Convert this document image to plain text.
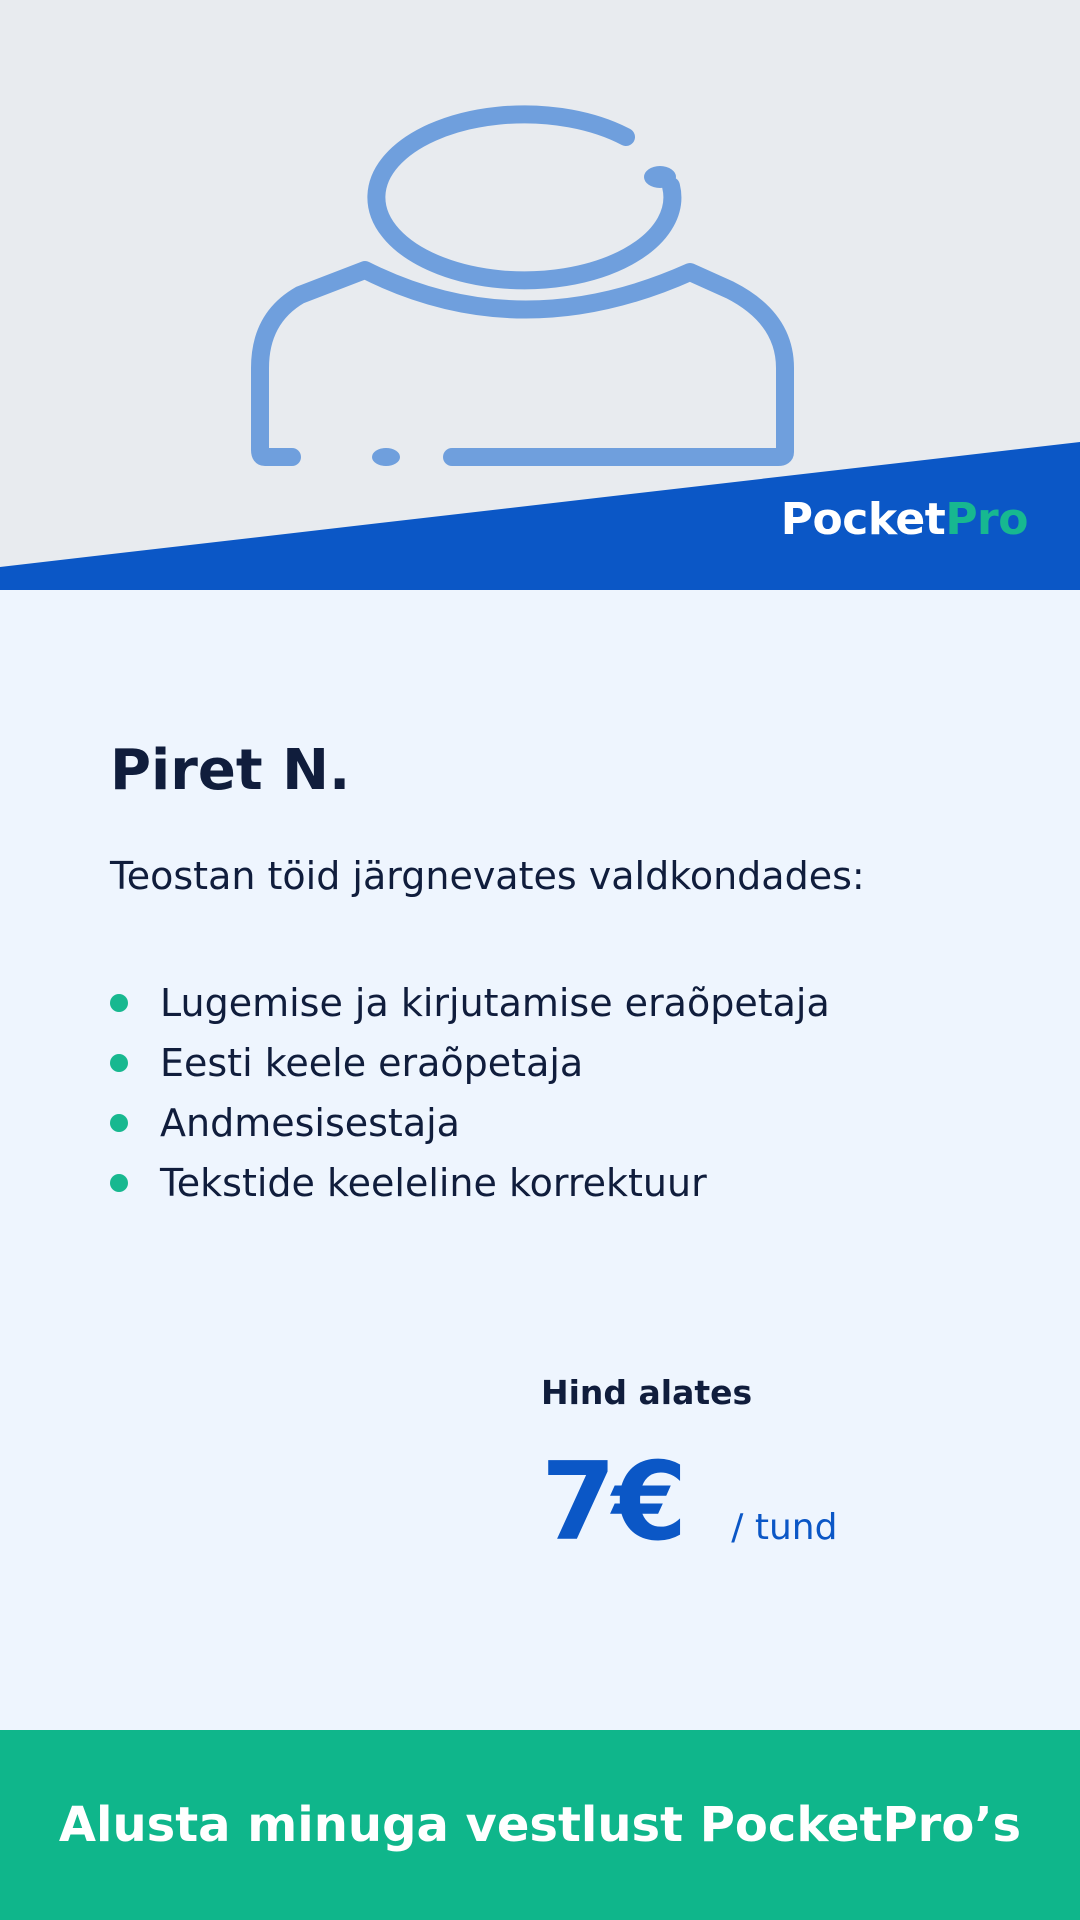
PocketPro
Piret N.
Teostan töid järgnevates valdkondades:
Lugemise ja kirjutamise eraõpetaja
Eesti keele eraõpetaja
Andmesisestaja
Tekstide keeleline korrektuur
Hind alates
7€ / tund
Alusta minuga vestlust PocketPro’s
